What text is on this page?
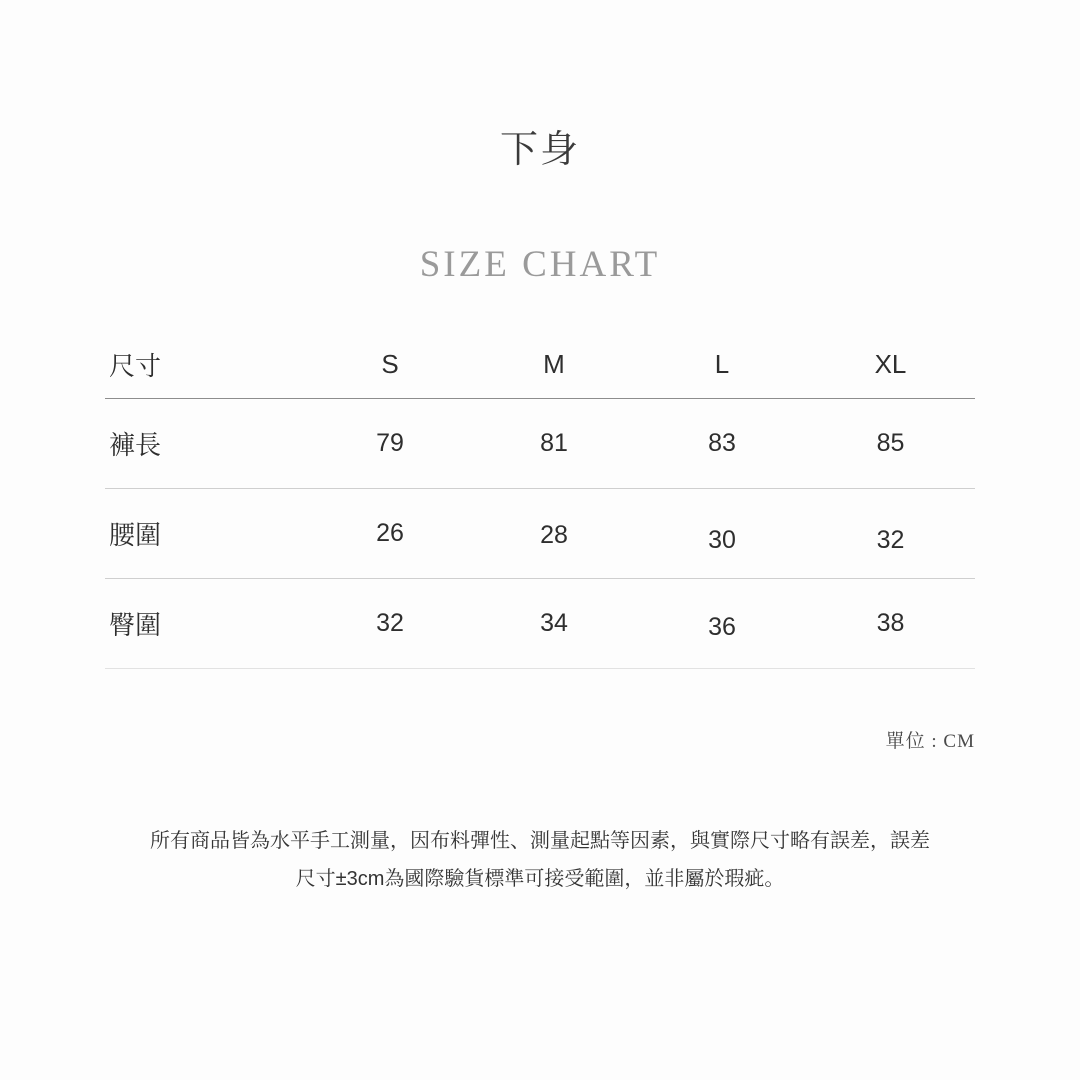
下身
SIZE CHART
尺寸	S	M	L	XL
褲長	79	81	83	85
腰圍	26	28	30	32
臀圍	32	34	36	38
單位 : CM
所有商品皆為水平手工測量，因布料彈性、測量起點等因素，與實際尺寸略有誤差，誤差尺寸±3cm為國際驗貨標準可接受範圍，並非屬於瑕疵。
